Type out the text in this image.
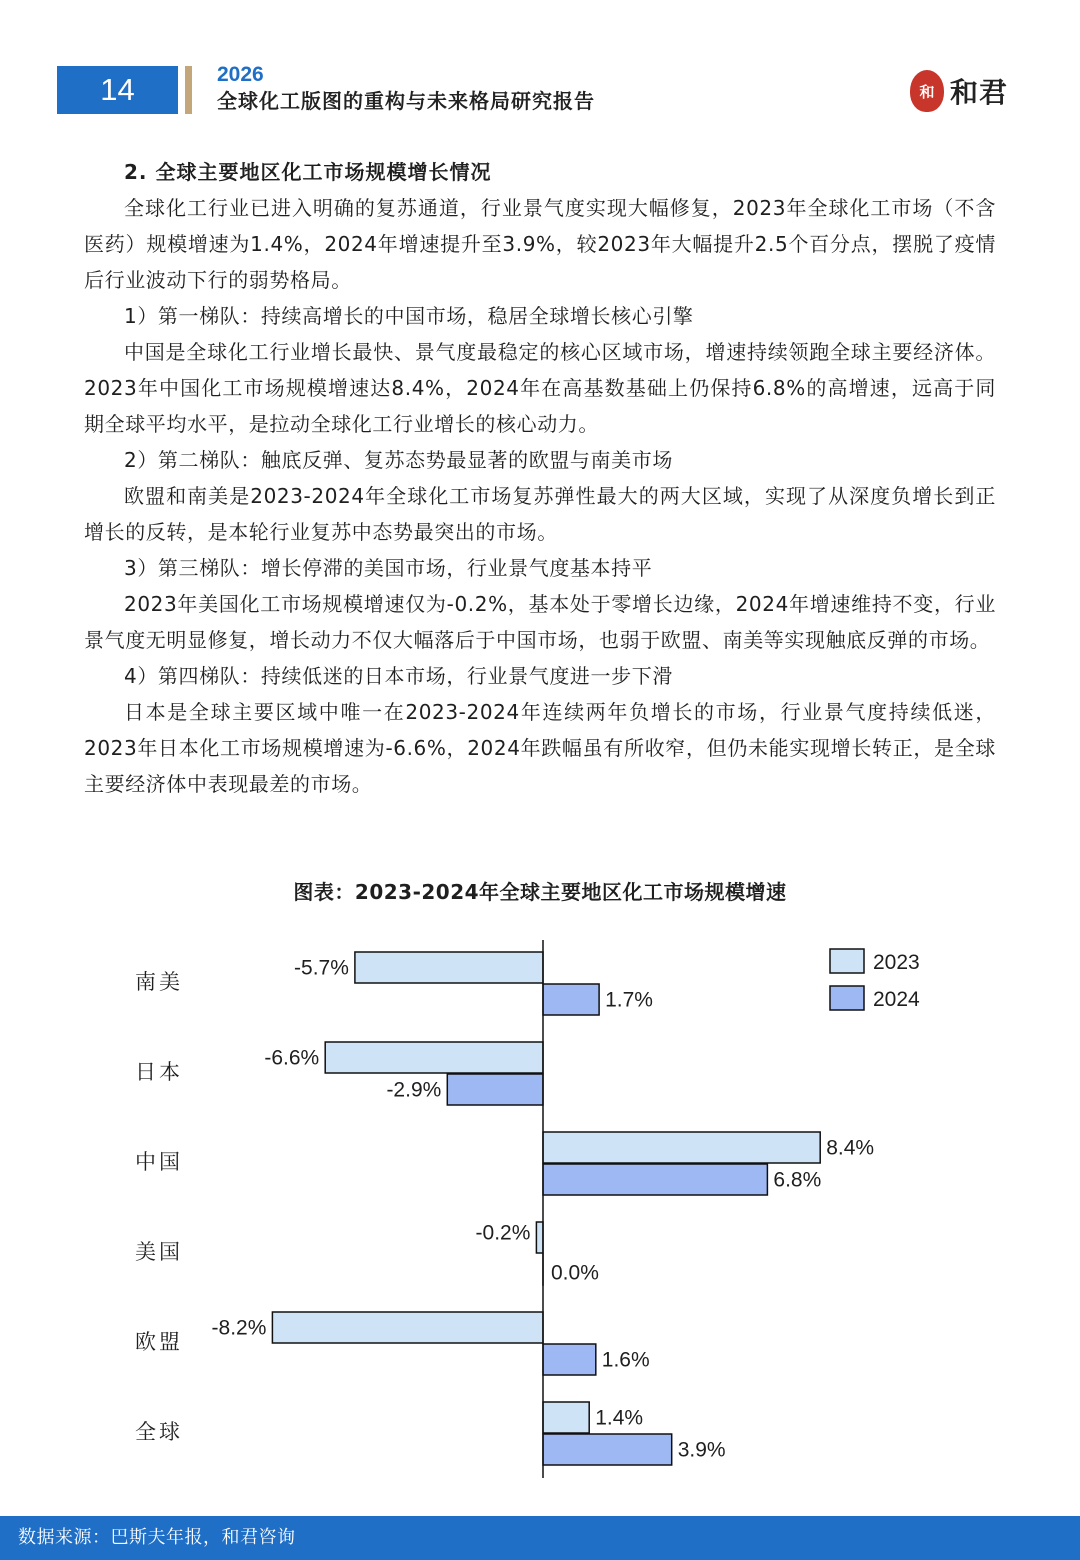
14	2026
全球化工版图的重构与未来格局研究报告	和 和君

2. 全球主要地区化工市场规模增长情况

全球化工行业已进入明确的复苏通道，行业景气度实现大幅修复，2023年全球化工市场（不含医药）规模增速为1.4%，2024年增速提升至3.9%，较2023年大幅提升2.5个百分点，摆脱了疫情后行业波动下行的弱势格局。

1）第一梯队：持续高增长的中国市场，稳居全球增长核心引擎

中国是全球化工行业增长最快、景气度最稳定的核心区域市场，增速持续领跑全球主要经济体。2023年中国化工市场规模增速达8.4%，2024年在高基数基础上仍保持6.8%的高增速，远高于同期全球平均水平，是拉动全球化工行业增长的核心动力。

2）第二梯队：触底反弹、复苏态势最显著的欧盟与南美市场

欧盟和南美是2023-2024年全球化工市场复苏弹性最大的两大区域，实现了从深度负增长到正增长的反转，是本轮行业复苏中态势最突出的市场。

3）第三梯队：增长停滞的美国市场，行业景气度基本持平

2023年美国化工市场规模增速仅为-0.2%，基本处于零增长边缘，2024年增速维持不变，行业景气度无明显修复，增长动力不仅大幅落后于中国市场，也弱于欧盟、南美等实现触底反弹的市场。

4）第四梯队：持续低迷的日本市场，行业景气度进一步下滑

日本是全球主要区域中唯一在2023-2024年连续两年负增长的市场，行业景气度持续低迷，2023年日本化工市场规模增速为-6.6%，2024年跌幅虽有所收窄，但仍未能实现增长转正，是全球主要经济体中表现最差的市场。

图表：2023-2024年全球主要地区化工市场规模增速
南美
-5.7%
1.7%
日本
-6.6%
-2.9%
中国
8.4%
6.8%
美国
-0.2%
0.0%
欧盟
-8.2%
1.6%
全球
1.4%
3.9%
2023
2024
数据来源：巴斯夫年报，和君咨询
